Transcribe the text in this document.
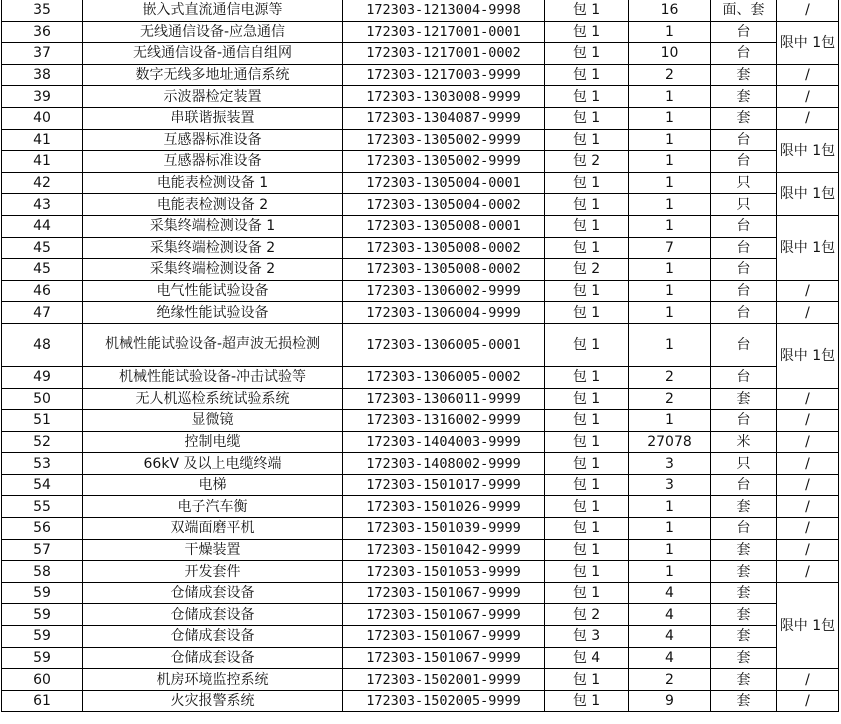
35	嵌入式直流通信电源等	172303-1213004-9998	包 1	16	面、套	/
36	无线通信设备-应急通信	172303-1217001-0001	包 1	1	台	限中 1包
37	无线通信设备-通信自组网	172303-1217001-0002	包 1	10	台	
38	数字无线多地址通信系统	172303-1217003-9999	包 1	2	套	/
39	示波器检定装置	172303-1303008-9999	包 1	1	套	/
40	串联谐振装置	172303-1304087-9999	包 1	1	套	/
41	互感器标准设备	172303-1305002-9999	包 1	1	台	限中 1包
41	互感器标准设备	172303-1305002-9999	包 2	1	台	
42	电能表检测设备 1	172303-1305004-0001	包 1	1	只	限中 1包
43	电能表检测设备 2	172303-1305004-0002	包 1	1	只	
44	采集终端检测设备 1	172303-1305008-0001	包 1	1	台	限中 1包
45	采集终端检测设备 2	172303-1305008-0002	包 1	7	台	
45	采集终端检测设备 2	172303-1305008-0002	包 2	1	台	
46	电气性能试验设备	172303-1306002-9999	包 1	1	台	/
47	绝缘性能试验设备	172303-1306004-9999	包 1	1	台	/
48	机械性能试验设备-超声波无损检测	172303-1306005-0001	包 1	1	台	限中 1包
49	机械性能试验设备-冲击试验等	172303-1306005-0002	包 1	2	台	
50	无人机巡检系统试验系统	172303-1306011-9999	包 1	2	套	/
51	显微镜	172303-1316002-9999	包 1	1	台	/
52	控制电缆	172303-1404003-9999	包 1	27078	米	/
53	66kV 及以上电缆终端	172303-1408002-9999	包 1	3	只	/
54	电梯	172303-1501017-9999	包 1	3	台	/
55	电子汽车衡	172303-1501026-9999	包 1	1	套	/
56	双端面磨平机	172303-1501039-9999	包 1	1	台	/
57	干燥装置	172303-1501042-9999	包 1	1	套	/
58	开发套件	172303-1501053-9999	包 1	1	套	/
59	仓储成套设备	172303-1501067-9999	包 1	4	套	限中 1包
59	仓储成套设备	172303-1501067-9999	包 2	4	套	
59	仓储成套设备	172303-1501067-9999	包 3	4	套	
59	仓储成套设备	172303-1501067-9999	包 4	4	套	
60	机房环境监控系统	172303-1502001-9999	包 1	2	套	/
61	火灾报警系统	172303-1502005-9999	包 1	9	套	/
